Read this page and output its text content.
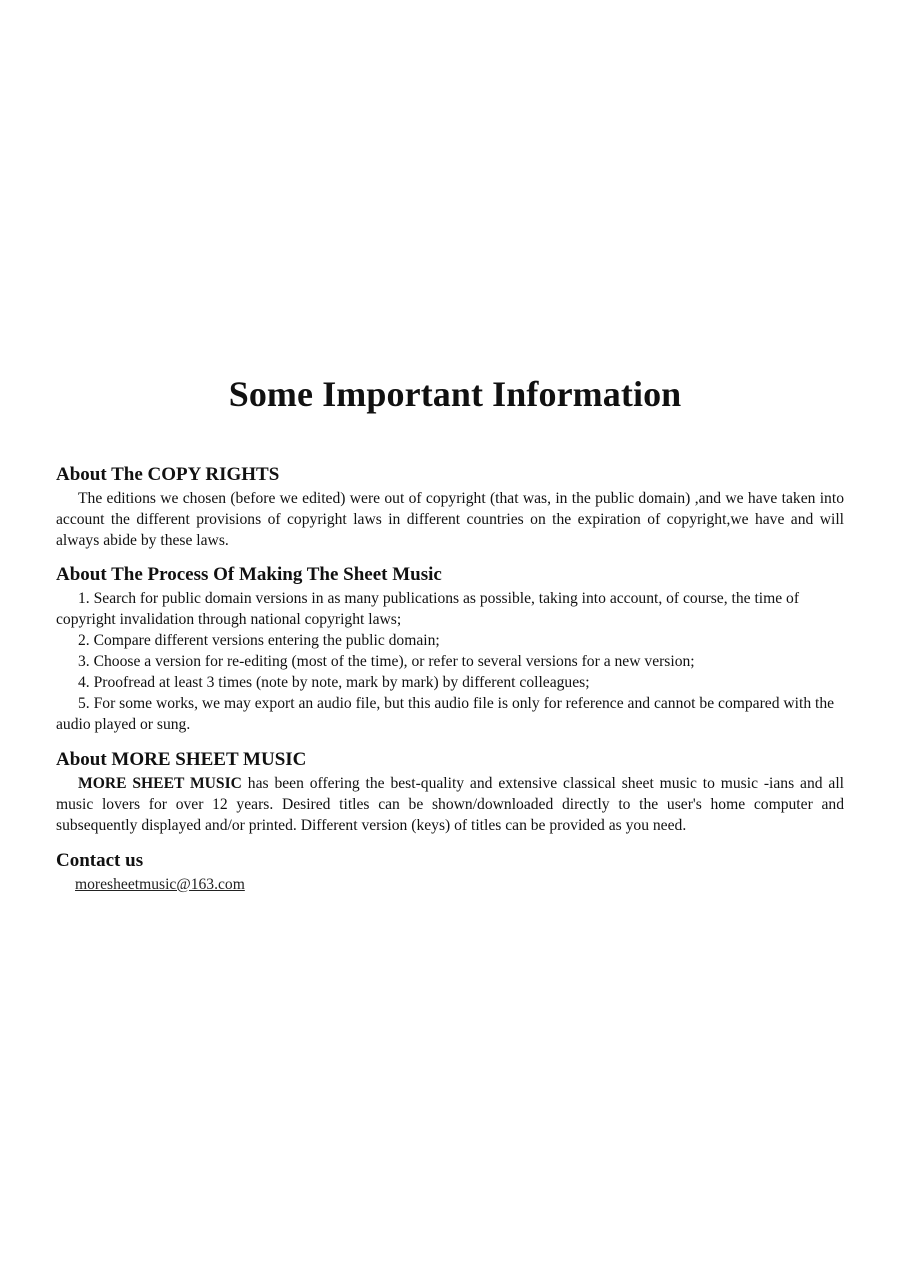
Some Important Information
About The COPY RIGHTS

The editions we chosen (before we edited) were out of copyright (that was, in the public domain) ,and we have taken into account the different provisions of copyright laws in different countries on the expiration of copyright,we have and will always abide by these laws.

About The Process Of Making The Sheet Music

1. Search for public domain versions in as many publications as possible, taking into account, of course, the time of copyright invalidation through national copyright laws;

2. Compare different versions entering the public domain;

3. Choose a version for re-editing (most of the time), or refer to several versions for a new version;

4. Proofread at least 3 times (note by note, mark by mark) by different colleagues;

5. For some works, we may export an audio file, but this audio file is only for reference and cannot be compared with the audio played or sung.

About MORE SHEET MUSIC

MORE SHEET MUSIC has been offering the best-quality and extensive classical sheet music to music -ians and all music lovers for over 12 years. Desired titles can be shown/downloaded directly to the user's home computer and subsequently displayed and/or printed. Different version (keys) of titles can be provided as you need.

Contact us
moresheetmusic@163.com
